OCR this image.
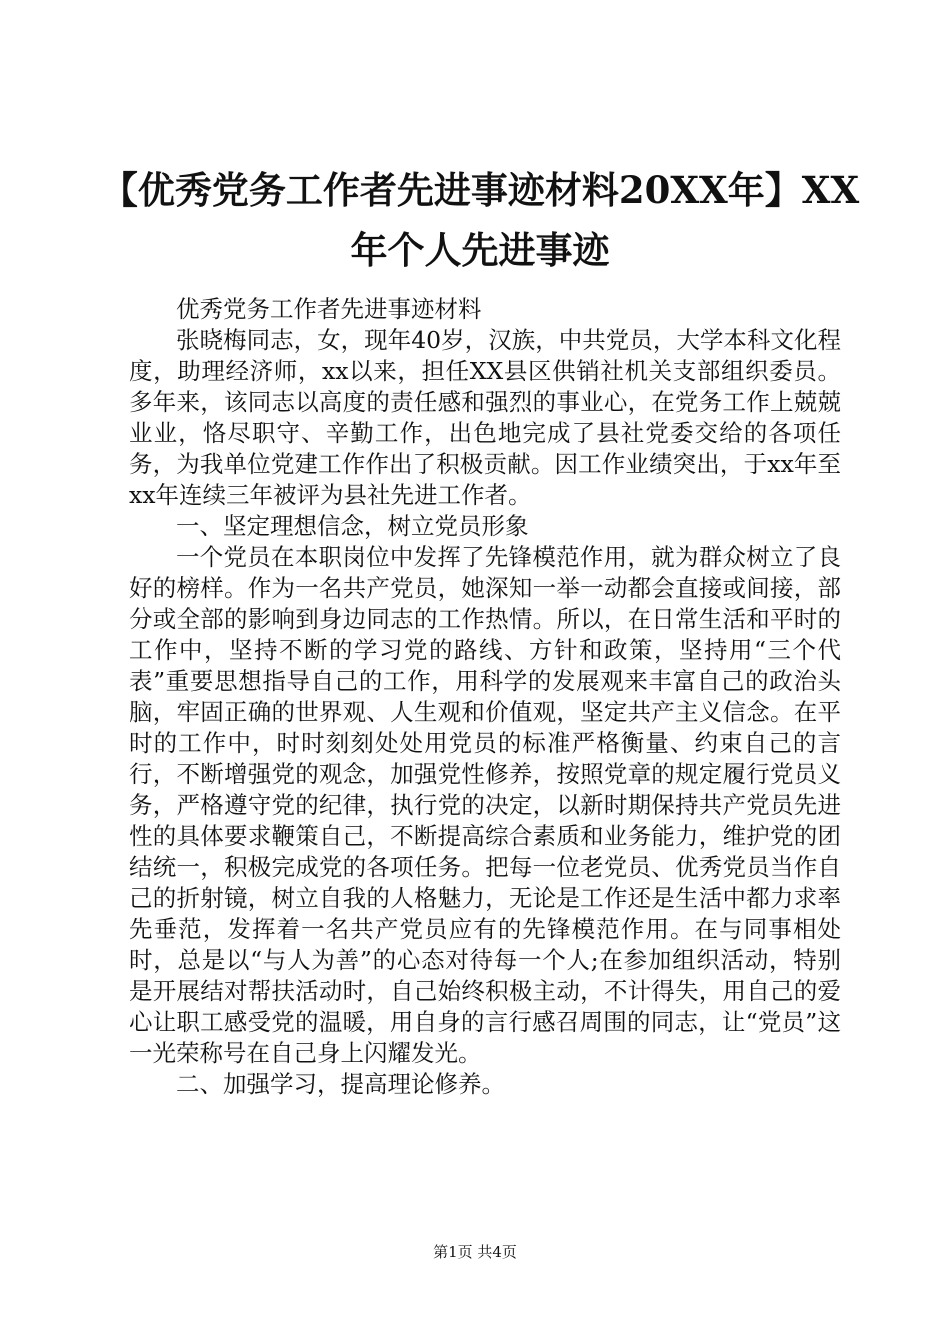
【优秀党务工作者先进事迹材料20XX年】XX年个人先进事迹

优秀党务工作者先进事迹材料

张晓梅同志，女，现年40岁，汉族，中共党员，大学本科文化程度，助理经济师，xx以来，担任XX县区供销社机关支部组织委员。多年来，该同志以高度的责任感和强烈的事业心，在党务工作上兢兢业业，恪尽职守、辛勤工作，出色地完成了县社党委交给的各项任务，为我单位党建工作作出了积极贡献。因工作业绩突出，于xx年至xx年连续三年被评为县社先进工作者。

一、坚定理想信念，树立党员形象

一个党员在本职岗位中发挥了先锋模范作用，就为群众树立了良好的榜样。作为一名共产党员，她深知一举一动都会直接或间接，部分或全部的影响到身边同志的工作热情。所以，在日常生活和平时的工作中，坚持不断的学习党的路线、方针和政策，坚持用“三个代表”重要思想指导自己的工作，用科学的发展观来丰富自己的政治头脑，牢固正确的世界观、人生观和价值观，坚定共产主义信念。在平时的工作中，时时刻刻处处用党员的标准严格衡量、约束自己的言行，不断增强党的观念，加强党性修养，按照党章的规定履行党员义务，严格遵守党的纪律，执行党的决定，以新时期保持共产党员先进性的具体要求鞭策自己，不断提高综合素质和业务能力，维护党的团结统一，积极完成党的各项任务。把每一位老党员、优秀党员当作自己的折射镜，树立自我的人格魅力，无论是工作还是生活中都力求率先垂范，发挥着一名共产党员应有的先锋模范作用。在与同事相处时，总是以“与人为善”的心态对待每一个人;在参加组织活动，特别是开展结对帮扶活动时，自己始终积极主动，不计得失，用自己的爱心让职工感受党的温暖，用自身的言行感召周围的同志，让“党员”这一光荣称号在自己身上闪耀发光。

二、加强学习，提高理论修养。

第1页 共4页
